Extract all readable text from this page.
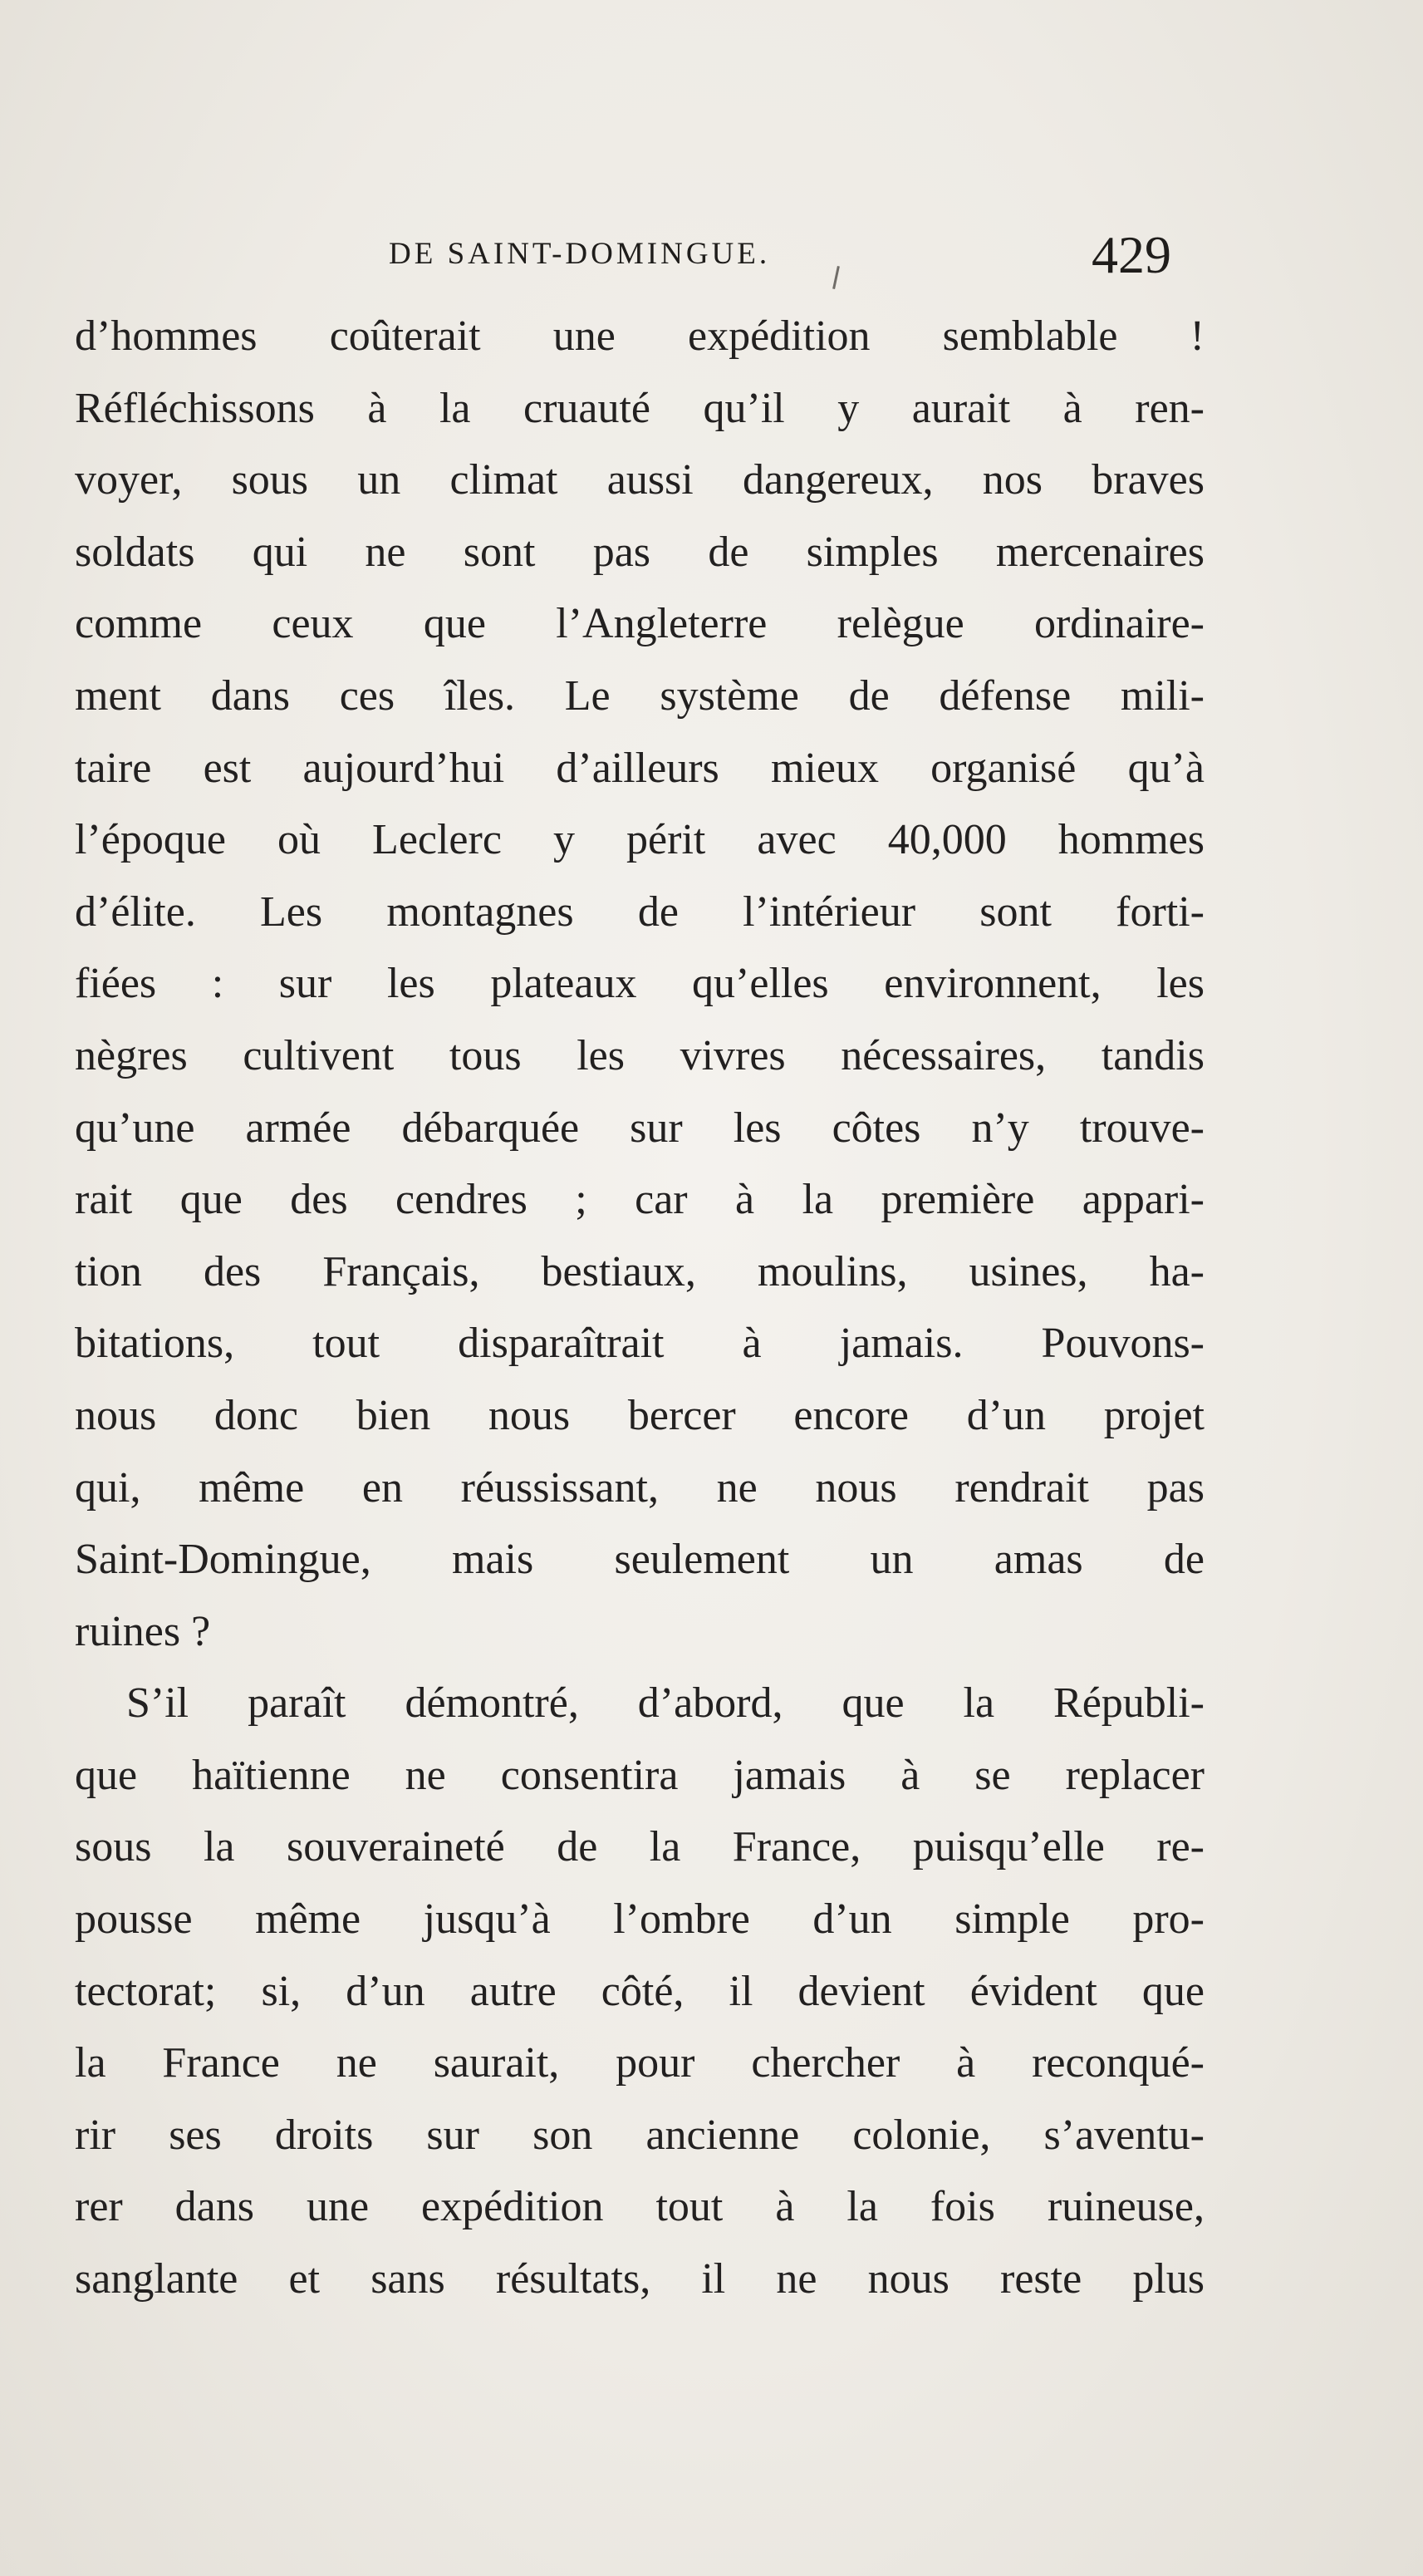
DE SAINT-DOMINGUE.	429
d’hommes coûterait une expédition semblable !
Réfléchissons à la cruauté qu’il y aurait à ren-
voyer, sous un climat aussi dangereux, nos braves
soldats qui ne sont pas de simples mercenaires
comme ceux que l’Angleterre relègue ordinaire-
ment dans ces îles. Le système de défense mili-
taire est aujourd’hui d’ailleurs mieux organisé qu’à
l’époque où Leclerc y périt avec 40,000 hommes
d’élite. Les montagnes de l’intérieur sont forti-
fiées : sur les plateaux qu’elles environnent, les
nègres cultivent tous les vivres nécessaires, tandis
qu’une armée débarquée sur les côtes n’y trouve-
rait que des cendres ; car à la première appari-
tion des Français, bestiaux, moulins, usines, ha-
bitations, tout disparaîtrait à jamais. Pouvons-
nous donc bien nous bercer encore d’un projet
qui, même en réussissant, ne nous rendrait pas
Saint-Domingue, mais seulement un amas de
ruines ?
S’il paraît démontré, d’abord, que la Républi-
que haïtienne ne consentira jamais à se replacer
sous la souveraineté de la France, puisqu’elle re-
pousse même jusqu’à l’ombre d’un simple pro-
tectorat; si, d’un autre côté, il devient évident que
la France ne saurait, pour chercher à reconqué-
rir ses droits sur son ancienne colonie, s’aventu-
rer dans une expédition tout à la fois ruineuse,
sanglante et sans résultats, il ne nous reste plus
